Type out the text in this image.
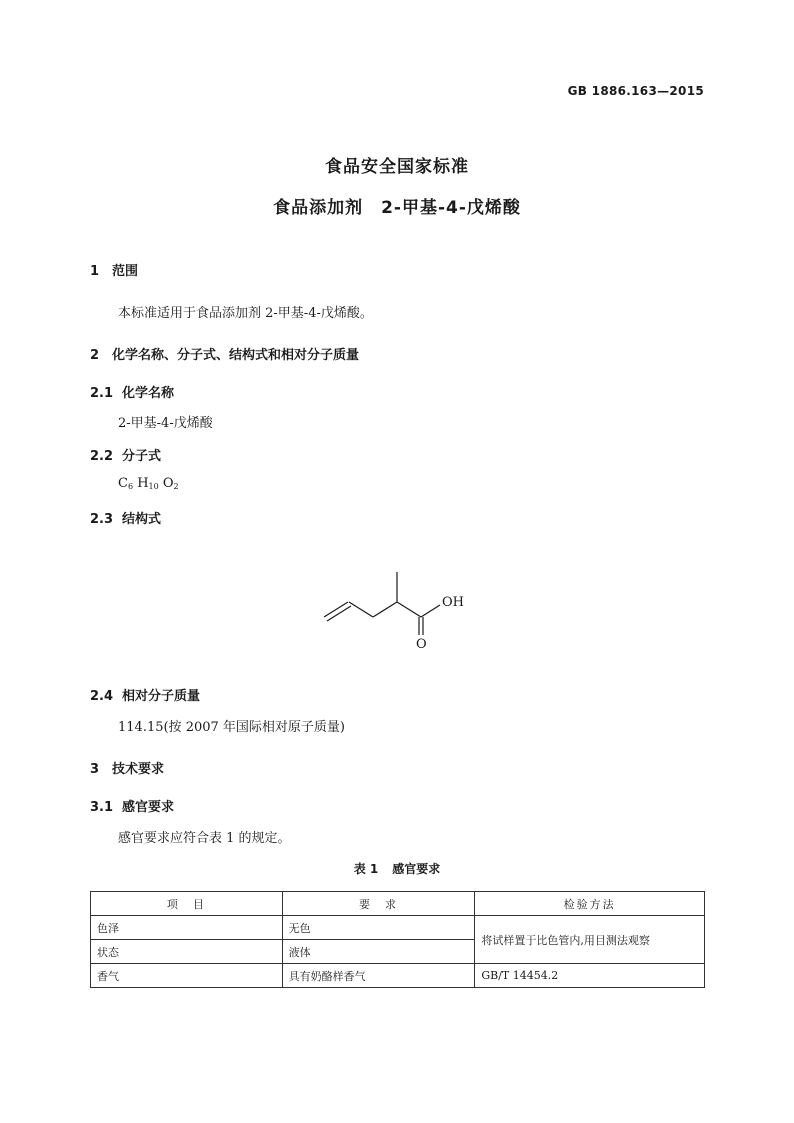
GB 1886.163—2015
食品安全国家标准
食品添加剂　2-甲基-4-戊烯酸
1 范围
本标准适用于食品添加剂 2-甲基-4-戊烯酸。
2 化学名称、分子式、结构式和相对分子质量
2.1 化学名称
2-甲基-4-戊烯酸
2.2 分子式
$C_6$ $H_{10}$ $O_2$
2.3 结构式
OH
O
2.4 相对分子质量
114.15(按 2007 年国际相对原子质量)
3 技术要求
3.1 感官要求
感官要求应符合表 1 的规定。
表 1 感官要求
项　目	要　求	检验方法
色泽	无色	将试样置于比色管内,用目测法观察
状态	液体	
香气	具有奶酪样香气	GB/T 14454.2
